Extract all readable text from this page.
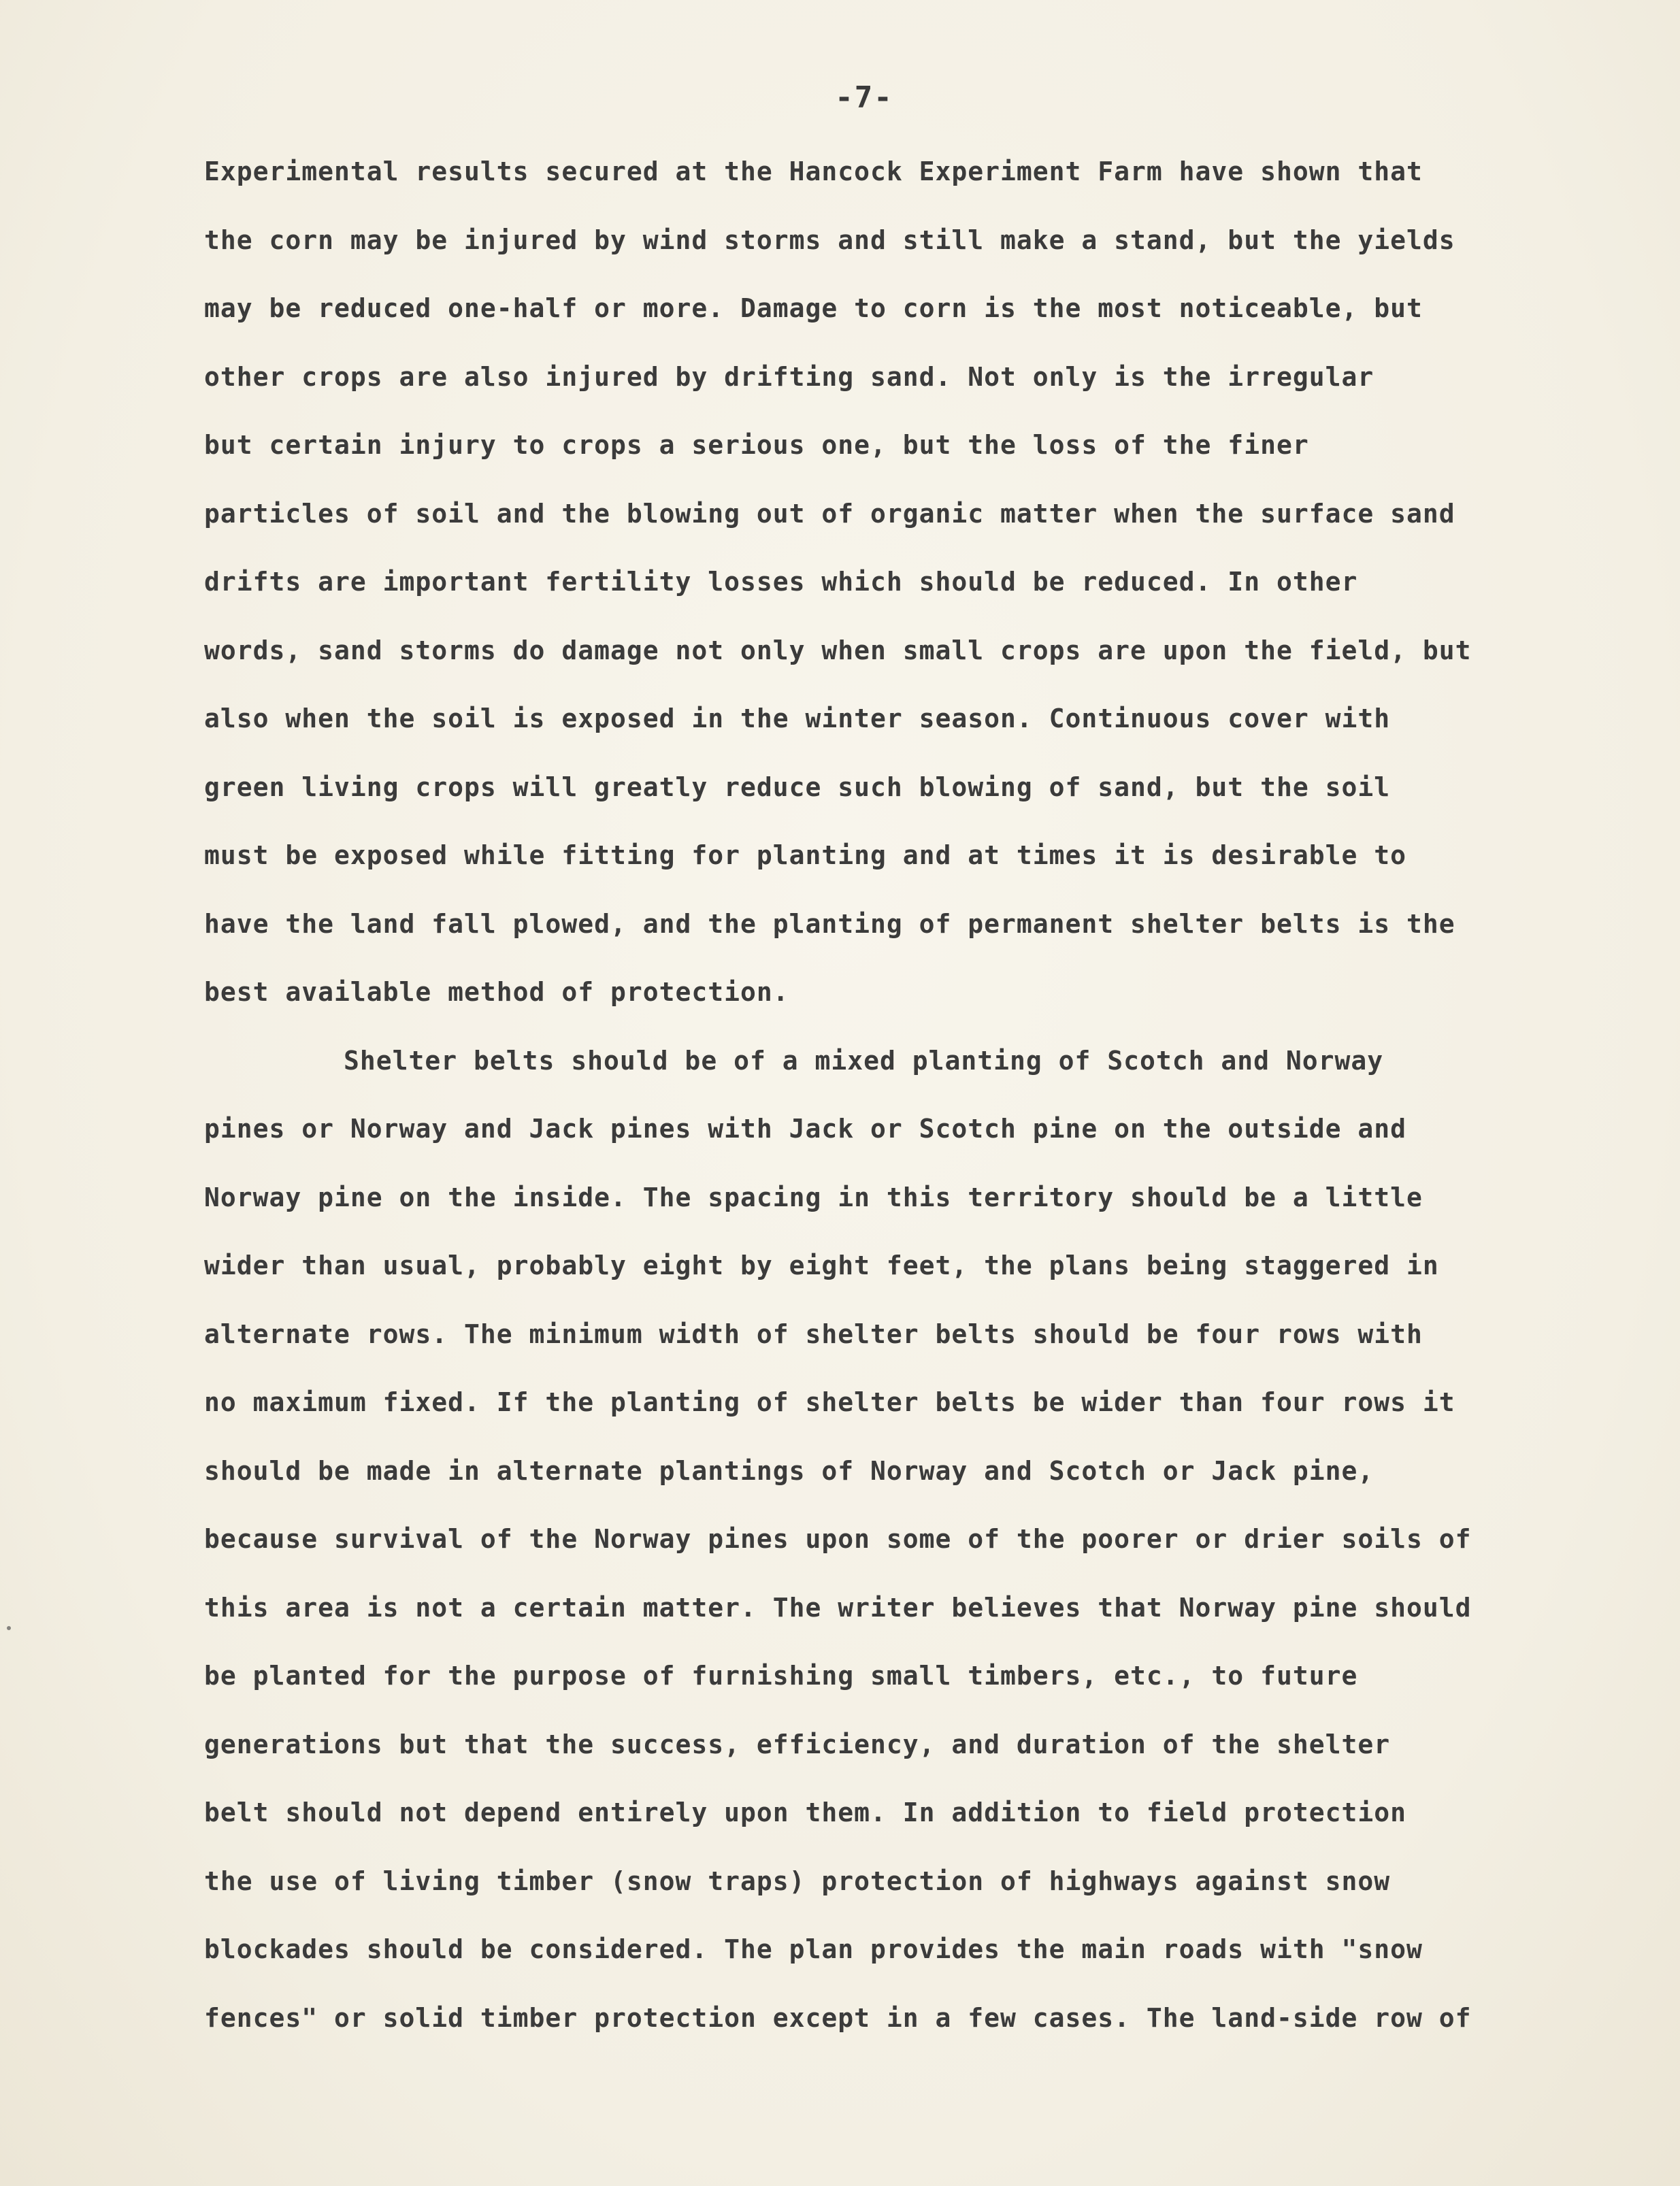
-7-
Experimental results secured at the Hancock Experiment Farm have shown that
the corn may be injured by wind storms and still make a stand, but the yields
may be reduced one-half or more. Damage to corn is the most noticeable, but
other crops are also injured by drifting sand. Not only is the irregular
but certain injury to crops a serious one, but the loss of the finer
particles of soil and the blowing out of organic matter when the surface sand
drifts are important fertility losses which should be reduced. In other
words, sand storms do damage not only when small crops are upon the field, but
also when the soil is exposed in the winter season. Continuous cover with
green living crops will greatly reduce such blowing of sand, but the soil
must be exposed while fitting for planting and at times it is desirable to
have the land fall plowed, and the planting of permanent shelter belts is the
best available method of protection.
Shelter belts should be of a mixed planting of Scotch and Norway
pines or Norway and Jack pines with Jack or Scotch pine on the outside and
Norway pine on the inside. The spacing in this territory should be a little
wider than usual, probably eight by eight feet, the plans being staggered in
alternate rows. The minimum width of shelter belts should be four rows with
no maximum fixed. If the planting of shelter belts be wider than four rows it
should be made in alternate plantings of Norway and Scotch or Jack pine,
because survival of the Norway pines upon some of the poorer or drier soils of
this area is not a certain matter. The writer believes that Norway pine should
be planted for the purpose of furnishing small timbers, etc., to future
generations but that the success, efficiency, and duration of the shelter
belt should not depend entirely upon them. In addition to field protection
the use of living timber (snow traps) protection of highways against snow
blockades should be considered. The plan provides the main roads with "snow
fences" or solid timber protection except in a few cases. The land-side row of
